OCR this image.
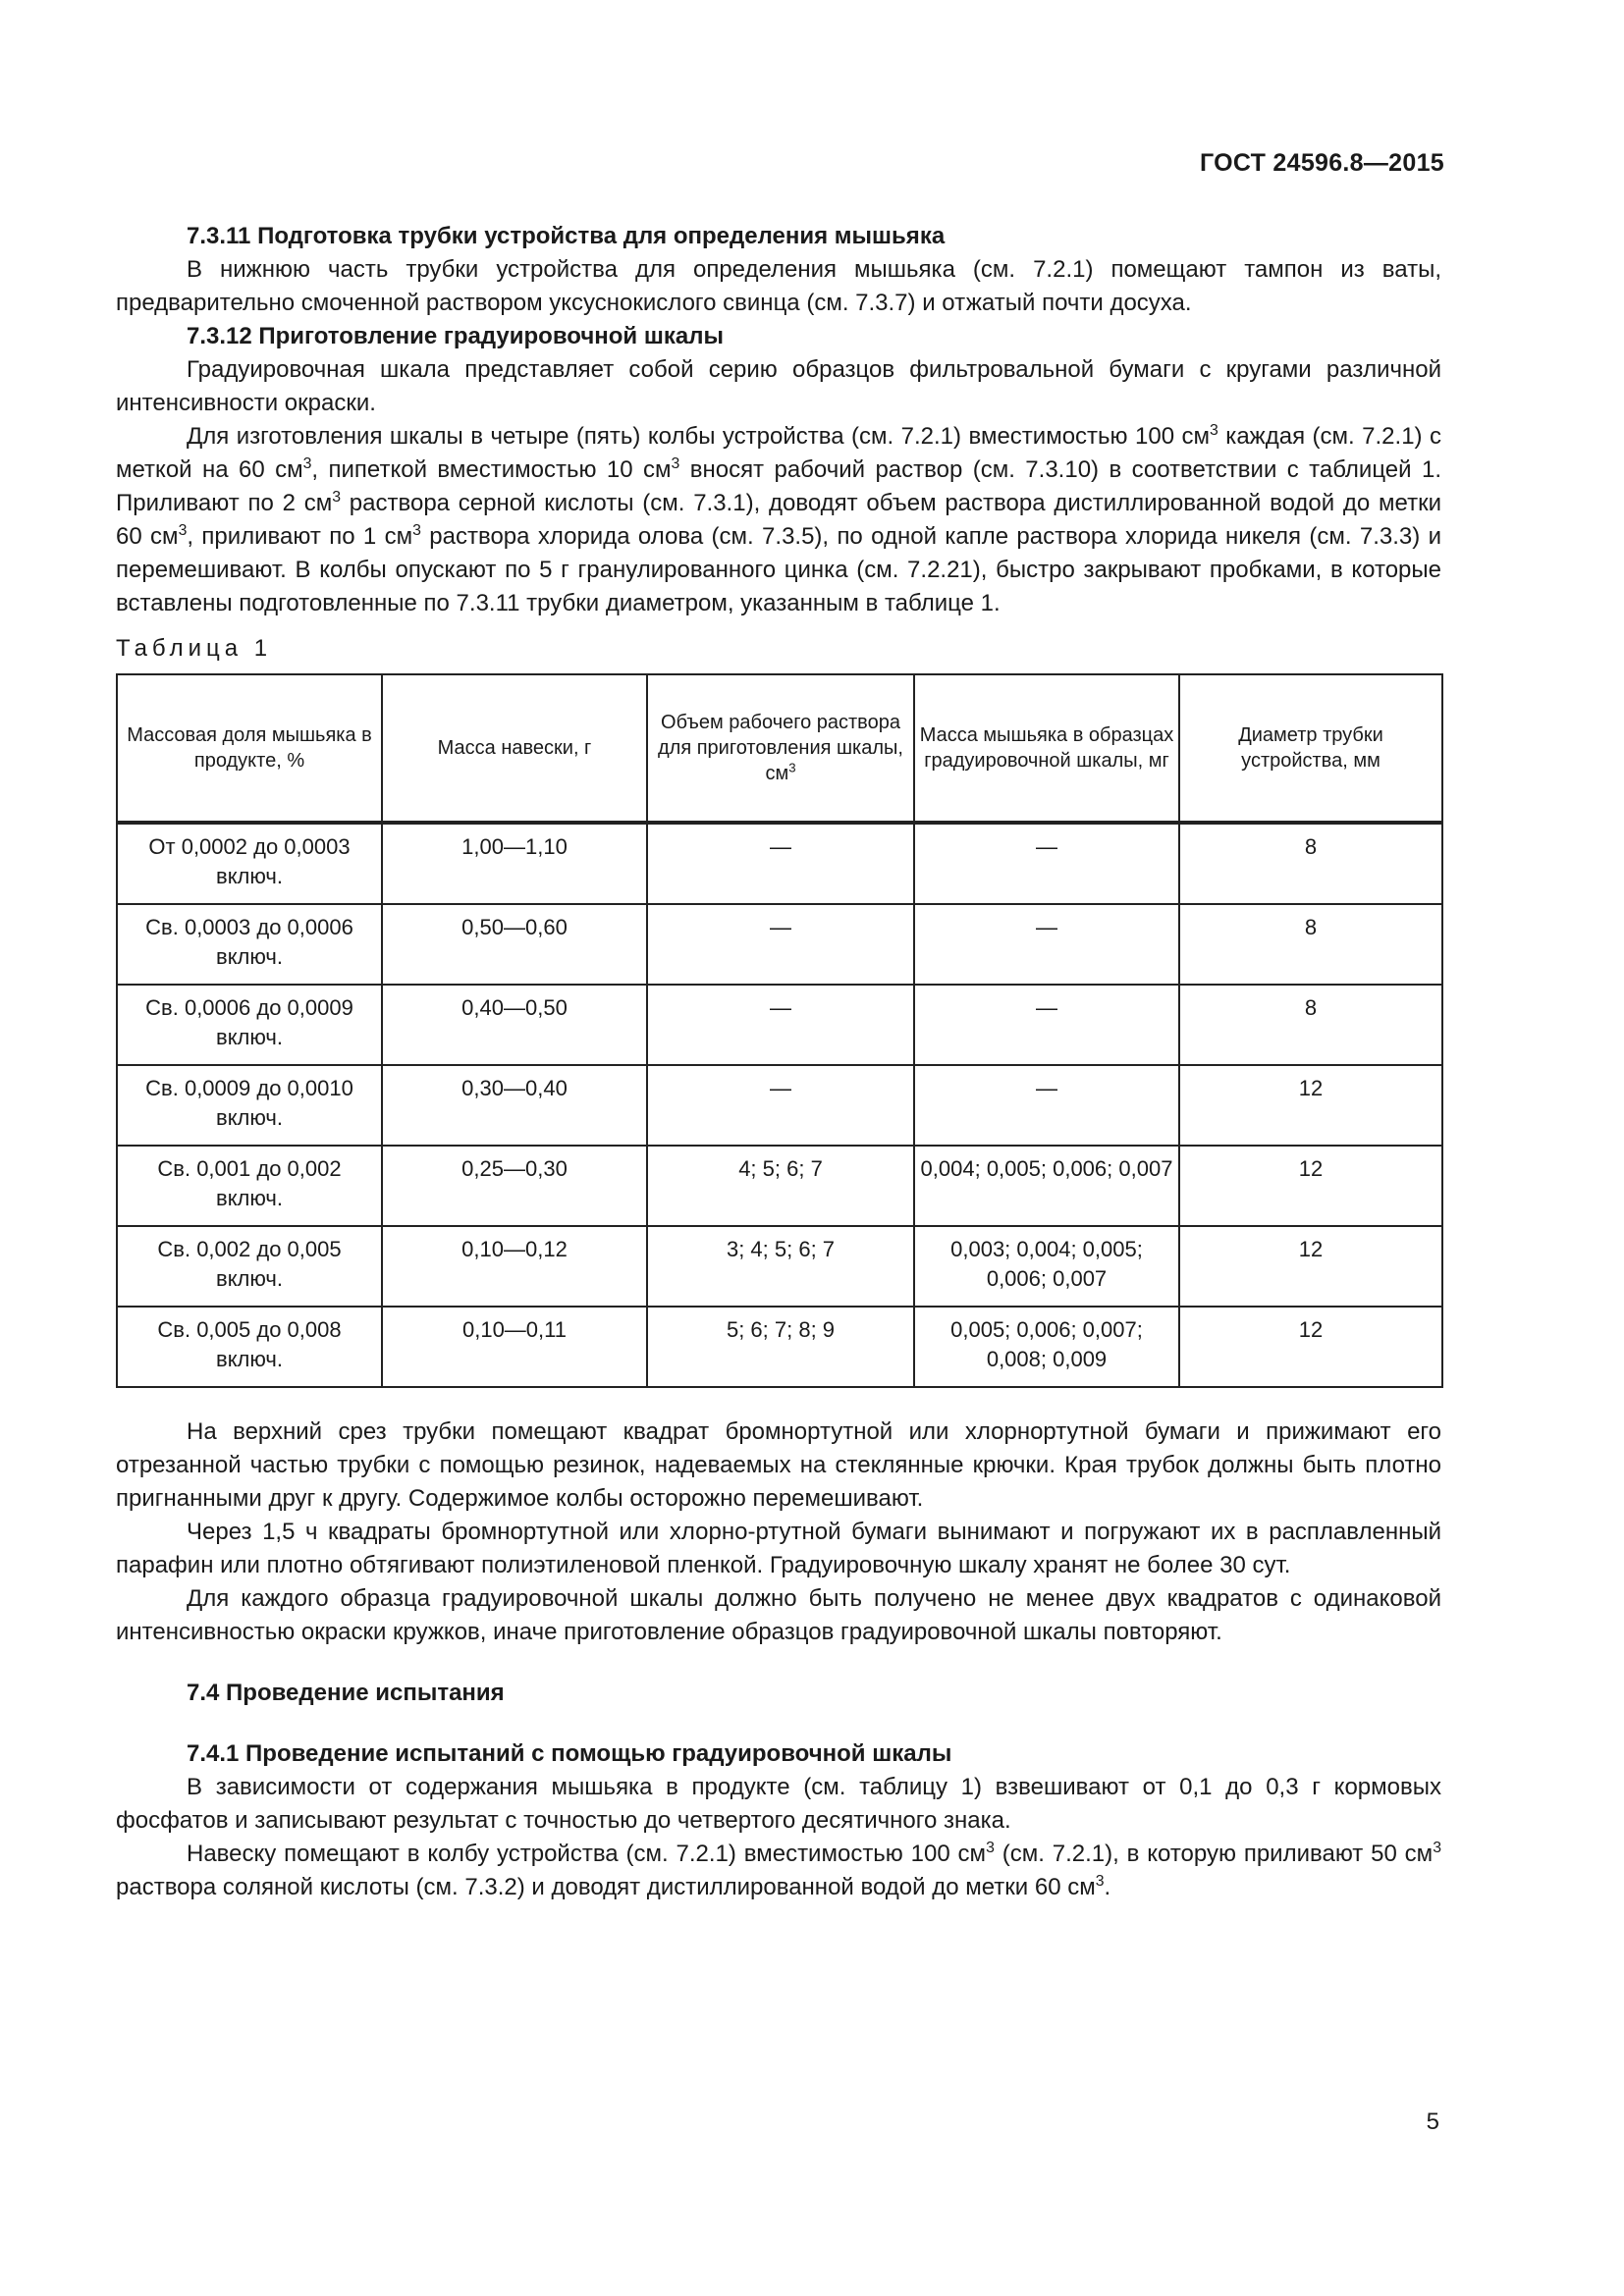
ГОСТ 24596.8—2015
7.3.11 Подготовка трубки устройства для определения мышьяка

В нижнюю часть трубки устройства для определения мышьяка (см. 7.2.1) помещают тампон из ваты, предварительно смоченной раствором уксуснокислого свинца (см. 7.3.7) и отжатый почти досуха.

7.3.12 Приготовление градуировочной шкалы

Градуировочная шкала представляет собой серию образцов фильтровальной бумаги с кругами различной интенсивности окраски.

Для изготовления шкалы в четыре (пять) колбы устройства (см. 7.2.1) вместимостью 100 $см^3$ каждая (см. 7.2.1) с меткой на 60 $см^3$, пипеткой вместимостью 10 $см^3$ вносят рабочий раствор (см. 7.3.10) в соответствии с таблицей 1. Приливают по 2 $см^3$ раствора серной кислоты (см. 7.3.1), доводят объем раствора дистиллированной водой до метки 60 $см^3$, приливают по 1 $см^3$ раствора хлорида олова (см. 7.3.5), по одной капле раствора хлорида никеля (см. 7.3.3) и перемешивают. В колбы опускают по 5 г гранулированного цинка (см. 7.2.21), быстро закрывают пробками, в которые вставлены подготовленные по 7.3.11 трубки диаметром, указанным в таблице 1.

Таблица 1
Массовая доля мышьяка в продукте, %	Масса навески, г	Объем рабочего раствора для приготовления шкалы, $см^3$	Масса мышьяка в образцах градуировочной шкалы, мг	Диаметр трубки устройства, мм
От 0,0002 до 0,0003 включ.	1,00—1,10	—	—	8
Св. 0,0003 до 0,0006 включ.	0,50—0,60	—	—	8
Св. 0,0006 до 0,0009 включ.	0,40—0,50	—	—	8
Св. 0,0009 до 0,0010 включ.	0,30—0,40	—	—	12
Св. 0,001 до 0,002 включ.	0,25—0,30	4; 5; 6; 7	0,004; 0,005; 0,006; 0,007	12
Св. 0,002 до 0,005 включ.	0,10—0,12	3; 4; 5; 6; 7	0,003; 0,004; 0,005; 0,006; 0,007	12
Св. 0,005 до 0,008 включ.	0,10—0,11	5; 6; 7; 8; 9	0,005; 0,006; 0,007; 0,008; 0,009	12

На верхний срез трубки помещают квадрат бромнортутной или хлорнортутной бумаги и прижимают его отрезанной частью трубки с помощью резинок, надеваемых на стеклянные крючки. Края трубок должны быть плотно пригнанными друг к другу. Содержимое колбы осторожно перемешивают.

Через 1,5 ч квадраты бромнортутной или хлорно-ртутной бумаги вынимают и погружают их в расплавленный парафин или плотно обтягивают полиэтиленовой пленкой. Градуировочную шкалу хранят не более 30 сут.

Для каждого образца градуировочной шкалы должно быть получено не менее двух квадратов с одинаковой интенсивностью окраски кружков, иначе приготовление образцов градуировочной шкалы повторяют.

7.4 Проведение испытания
7.4.1 Проведение испытаний с помощью градуировочной шкалы

В зависимости от содержания мышьяка в продукте (см. таблицу 1) взвешивают от 0,1 до 0,3 г кормовых фосфатов и записывают результат с точностью до четвертого десятичного знака.

Навеску помещают в колбу устройства (см. 7.2.1) вместимостью 100 $см^3$ (см. 7.2.1), в которую приливают 50 $см^3$ раствора соляной кислоты (см. 7.3.2) и доводят дистиллированной водой до метки 60 $см^3$.

5
